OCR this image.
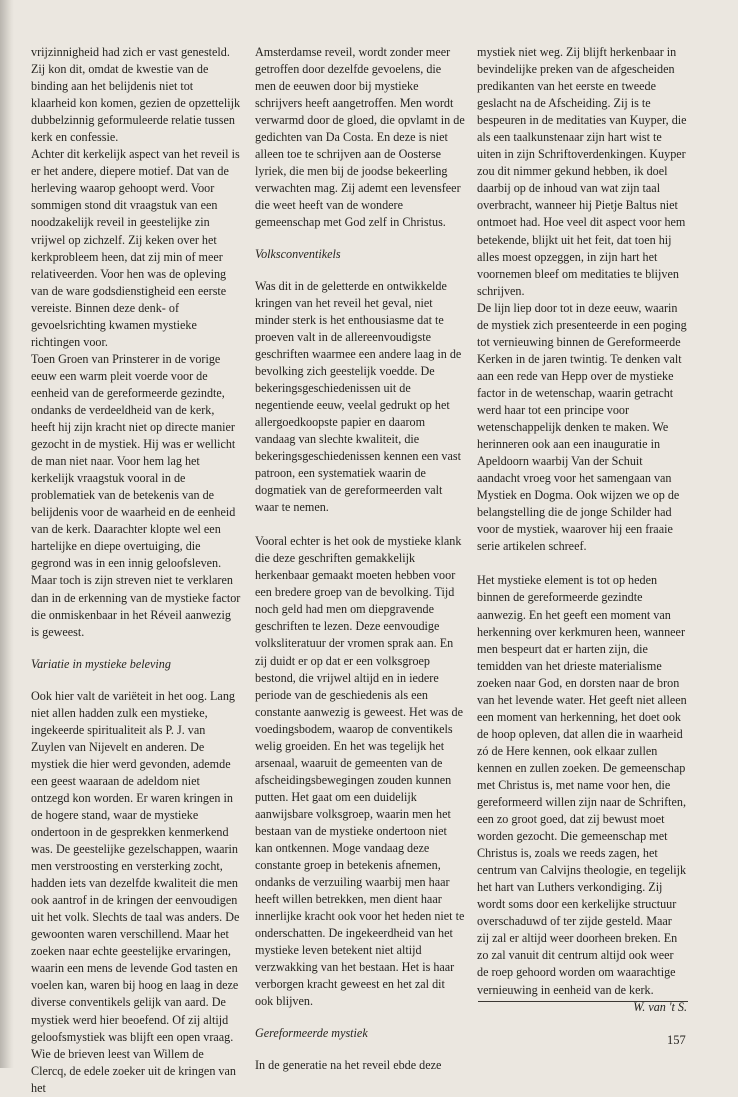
vrijzinnigheid had zich er vast genesteld. Zij kon dit, omdat de kwestie van de binding aan het belijdenis niet tot klaarheid kon komen, gezien de opzettelijk dubbelzinnig geformuleerde relatie tussen kerk en confessie.

Achter dit kerkelijk aspect van het reveil is er het andere, diepere motief. Dat van de herleving waarop gehoopt werd. Voor sommigen stond dit vraagstuk van een noodzakelijk reveil in geestelijke zin vrijwel op zichzelf. Zij keken over het kerkprobleem heen, dat zij min of meer relativeerden. Voor hen was de opleving van de ware godsdienstigheid een eerste vereiste. Binnen deze denk- of gevoelsrichting kwamen mystieke richtingen voor.

Toen Groen van Prinsterer in de vorige eeuw een warm pleit voerde voor de eenheid van de gereformeerde gezindte, ondanks de verdeeldheid van de kerk, heeft hij zijn kracht niet op directe manier gezocht in de mystiek. Hij was er wellicht de man niet naar. Voor hem lag het kerkelijk vraagstuk vooral in de problematiek van de betekenis van de belijdenis voor de waarheid en de eenheid van de kerk. Daarachter klopte wel een hartelijke en diepe overtuiging, die gegrond was in een innig geloofsleven. Maar toch is zijn streven niet te verklaren dan in de erkenning van de mystieke factor die onmiskenbaar in het Réveil aanwezig is geweest.

Variatie in mystieke beleving

Ook hier valt de variëteit in het oog. Lang niet allen hadden zulk een mystieke, ingekeerde spiritualiteit als P. J. van Zuylen van Nijevelt en anderen. De mystiek die hier werd gevonden, ademde een geest waaraan de adeldom niet ontzegd kon worden. Er waren kringen in de hogere stand, waar de mystieke ondertoon in de gesprekken kenmerkend was. De geestelijke gezelschappen, waarin men verstroosting en versterking zocht, hadden iets van dezelfde kwaliteit die men ook aantrof in de kringen der eenvoudigen uit het volk. Slechts de taal was anders. De gewoonten waren verschillend. Maar het zoeken naar echte geestelijke ervaringen, waarin een mens de levende God tasten en voelen kan, waren bij hoog en laag in deze diverse conventikels gelijk van aard. De mystiek werd hier beoefend. Of zij altijd geloofsmystiek was blijft een open vraag. Wie de brieven leest van Willem de Clercq, de edele zoeker uit de kringen van het

Amsterdamse reveil, wordt zonder meer getroffen door dezelfde gevoelens, die men de eeuwen door bij mystieke schrijvers heeft aangetroffen. Men wordt verwarmd door de gloed, die opvlamt in de gedichten van Da Costa. En deze is niet alleen toe te schrijven aan de Oosterse lyriek, die men bij de joodse bekeerling verwachten mag. Zij ademt een levensfeer die weet heeft van de wondere gemeenschap met God zelf in Christus.

Volksconventikels

Was dit in de geletterde en ontwikkelde kringen van het reveil het geval, niet minder sterk is het enthousiasme dat te proeven valt in de allereenvoudigste geschriften waarmee een andere laag in de bevolking zich geestelijk voedde. De bekeringsgeschiedenissen uit de negentiende eeuw, veelal gedrukt op het allergoedkoopste papier en daarom vandaag van slechte kwaliteit, die bekeringsgeschiedenissen kennen een vast patroon, een systematiek waarin de dogmatiek van de gereformeerden valt waar te nemen.

Vooral echter is het ook de mystieke klank die deze geschriften gemakkelijk herkenbaar gemaakt moeten hebben voor een bredere groep van de bevolking. Tijd noch geld had men om diepgravende geschriften te lezen. Deze eenvoudige volksliteratuur der vromen sprak aan. En zij duidt er op dat er een volksgroep bestond, die vrijwel altijd en in iedere periode van de geschiedenis als een constante aanwezig is geweest. Het was de voedingsbodem, waarop de conventikels welig groeiden. En het was tegelijk het arsenaal, waaruit de gemeenten van de afscheidingsbewegingen zouden kunnen putten. Het gaat om een duidelijk aanwijsbare volksgroep, waarin men het bestaan van de mystieke ondertoon niet kan ontkennen. Moge vandaag deze constante groep in betekenis afnemen, ondanks de verzuiling waarbij men haar heeft willen betrekken, men dient haar innerlijke kracht ook voor het heden niet te onderschatten. De ingekeerdheid van het mystieke leven betekent niet altijd verzwakking van het bestaan. Het is haar verborgen kracht geweest en het zal dit ook blijven.

Gereformeerde mystiek

In de generatie na het reveil ebde deze

mystiek niet weg. Zij blijft herkenbaar in bevindelijke preken van de afgescheiden predikanten van het eerste en tweede geslacht na de Afscheiding. Zij is te bespeuren in de meditaties van Kuyper, die als een taalkunstenaar zijn hart wist te uiten in zijn Schriftoverdenkingen. Kuyper zou dit nimmer gekund hebben, ik doel daarbij op de inhoud van wat zijn taal overbracht, wanneer hij Pietje Baltus niet ontmoet had. Hoe veel dit aspect voor hem betekende, blijkt uit het feit, dat toen hij alles moest opzeggen, in zijn hart het voornemen bleef om meditaties te blijven schrijven.

De lijn liep door tot in deze eeuw, waarin de mystiek zich presenteerde in een poging tot vernieuwing binnen de Gereformeerde Kerken in de jaren twintig. Te denken valt aan een rede van Hepp over de mystieke factor in de wetenschap, waarin getracht werd haar tot een principe voor wetenschappelijk denken te maken. We herinneren ook aan een inauguratie in Apeldoorn waarbij Van der Schuit aandacht vroeg voor het samengaan van Mystiek en Dogma. Ook wijzen we op de belangstelling die de jonge Schilder had voor de mystiek, waarover hij een fraaie serie artikelen schreef.

Het mystieke element is tot op heden binnen de gereformeerde gezindte aanwezig. En het geeft een moment van herkenning over kerkmuren heen, wanneer men bespeurt dat er harten zijn, die temidden van het drieste materialisme zoeken naar God, en dorsten naar de bron van het levende water. Het geeft niet alleen een moment van herkenning, het doet ook de hoop opleven, dat allen die in waarheid zó de Here kennen, ook elkaar zullen kennen en zullen zoeken. De gemeenschap met Christus is, met name voor hen, die gereformeerd willen zijn naar de Schriften, een zo groot goed, dat zij bewust moet worden gezocht. Die gemeenschap met Christus is, zoals we reeds zagen, het centrum van Calvijns theologie, en tegelijk het hart van Luthers verkondiging. Zij wordt soms door een kerkelijke structuur overschaduwd of ter zijde gesteld. Maar zij zal er altijd weer doorheen breken. En zo zal vanuit dit centrum altijd ook weer de roep gehoord worden om waarachtige vernieuwing in eenheid van de kerk.

W. van 't S.

157
